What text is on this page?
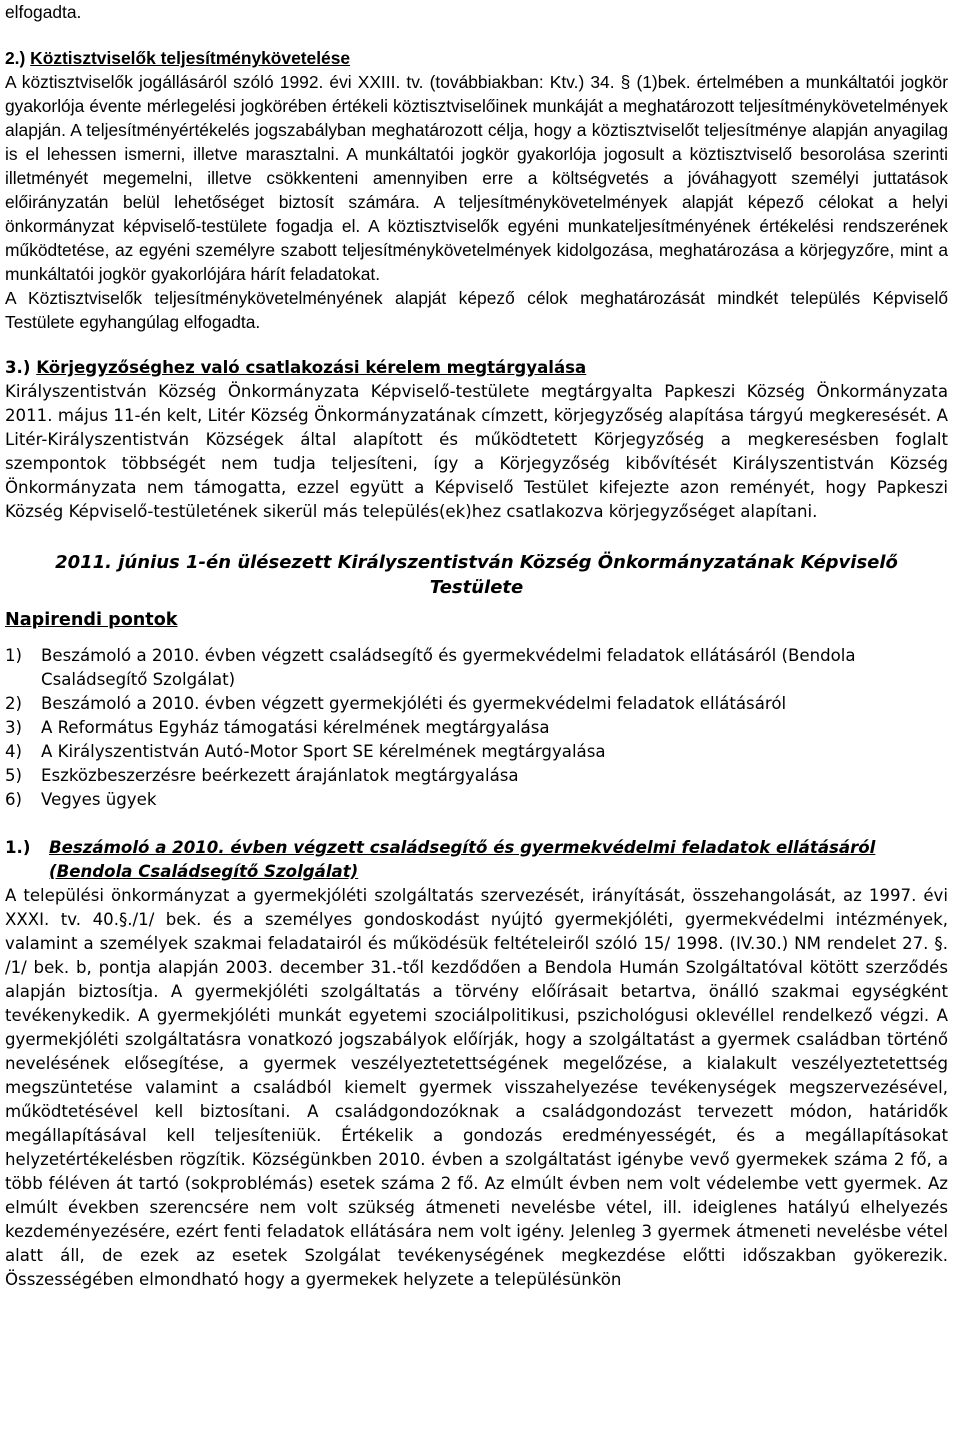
elfogadta.

2.) Köztisztviselők teljesítménykövetelése

A köztisztviselők jogállásáról szóló 1992. évi XXIII. tv. (továbbiakban: Ktv.) 34. § (1)bek. értelmében a munkáltatói jogkör gyakorlója évente mérlegelési jogkörében értékeli köztisztviselőinek munkáját a meghatározott teljesítménykövetelmények alapján. A teljesítményértékelés jogszabályban meghatározott célja, hogy a köztisztviselőt teljesítménye alapján anyagilag is el lehessen ismerni, illetve marasztalni. A munkáltatói jogkör gyakorlója jogosult a köztisztviselő besorolása szerinti illetményét megemelni, illetve csökkenteni amennyiben erre a költségvetés a jóváhagyott személyi juttatások előirányzatán belül lehetőséget biztosít számára. A teljesítménykövetelmények alapját képező célokat a helyi önkormányzat képviselő-testülete fogadja el. A köztisztviselők egyéni munkateljesítményének értékelési rendszerének működtetése, az egyéni személyre szabott teljesítménykövetelmények kidolgozása, meghatározása a körjegyzőre, mint a munkáltatói jogkör gyakorlójára hárít feladatokat.

A Köztisztviselők teljesítménykövetelményének alapját képező célok meghatározását mindkét település Képviselő Testülete egyhangúlag elfogadta.

3.) Körjegyzőséghez való csatlakozási kérelem megtárgyalása

Királyszentistván Község Önkormányzata Képviselő-testülete megtárgyalta Papkeszi Község Önkormányzata 2011. május 11-én kelt, Litér Község Önkormányzatának címzett, körjegyzőség alapítása tárgyú megkeresését. A Litér-Királyszentistván Községek által alapított és működtetett Körjegyzőség a megkeresésben foglalt szempontok többségét nem tudja teljesíteni, így a Körjegyzőség kibővítését Királyszentistván Község Önkormányzata nem támogatta, ezzel együtt a Képviselő Testület kifejezte azon reményét, hogy Papkeszi Község Képviselő-testületének sikerül más település(ek)hez csatlakozva körjegyzőséget alapítani.

2011. június 1-én ülésezett Királyszentistván Község Önkormányzatának Képviselő
Testülete
Napirendi pontok
1)	Beszámoló a 2010. évben végzett családsegítő és gyermekvédelmi feladatok ellátásáról (Bendola Családsegítő Szolgálat)
2)	Beszámoló a 2010. évben végzett gyermekjóléti és gyermekvédelmi feladatok ellátásáról
3)	A Református Egyház támogatási kérelmének megtárgyalása
4)	A Királyszentistván Autó-Motor Sport SE kérelmének megtárgyalása
5)	Eszközbeszerzésre beérkezett árajánlatok megtárgyalása
6)	Vegyes ügyek
1.)	Beszámoló a 2010. évben végzett családsegítő és gyermekvédelmi feladatok ellátásáról (Bendola Családsegítő Szolgálat)

A települési önkormányzat a gyermekjóléti szolgáltatás szervezését, irányítását, összehangolását, az 1997. évi XXXI. tv. 40.§./1/ bek. és a személyes gondoskodást nyújtó gyermekjóléti, gyermekvédelmi intézmények, valamint a személyek szakmai feladatairól és működésük feltételeiről szóló 15/ 1998. (IV.30.) NM rendelet 27. §. /1/ bek. b, pontja alapján 2003. december 31.-től kezdődően a Bendola Humán Szolgáltatóval kötött szerződés alapján biztosítja. A gyermekjóléti szolgáltatás a törvény előírásait betartva, önálló szakmai egységként tevékenykedik. A gyermekjóléti munkát egyetemi szociálpolitikusi, pszichológusi oklevéllel rendelkező végzi. A gyermekjóléti szolgáltatásra vonatkozó jogszabályok előírják, hogy a szolgáltatást a gyermek családban történő nevelésének elősegítése, a gyermek veszélyeztetettségének megelőzése, a kialakult veszélyeztetettség megszüntetése valamint a családból kiemelt gyermek visszahelyezése tevékenységek megszervezésével, működtetésével kell biztosítani. A családgondozóknak a családgondozást tervezett módon, határidők megállapításával kell teljesíteniük. Értékelik a gondozás eredményességét, és a megállapításokat helyzetértékelésben rögzítik. Községünkben 2010. évben a szolgáltatást igénybe vevő gyermekek száma 2 fő, a több féléven át tartó (sokproblémás) esetek száma 2 fő. Az elmúlt évben nem volt védelembe vett gyermek. Az elmúlt években szerencsére nem volt szükség átmeneti nevelésbe vétel, ill. ideiglenes hatályú elhelyezés kezdeményezésére, ezért fenti feladatok ellátására nem volt igény. Jelenleg 3 gyermek átmeneti nevelésbe vétel alatt áll, de ezek az esetek Szolgálat tevékenységének megkezdése előtti időszakban gyökerezik. Összességében elmondható hogy a gyermekek helyzete a településünkön
